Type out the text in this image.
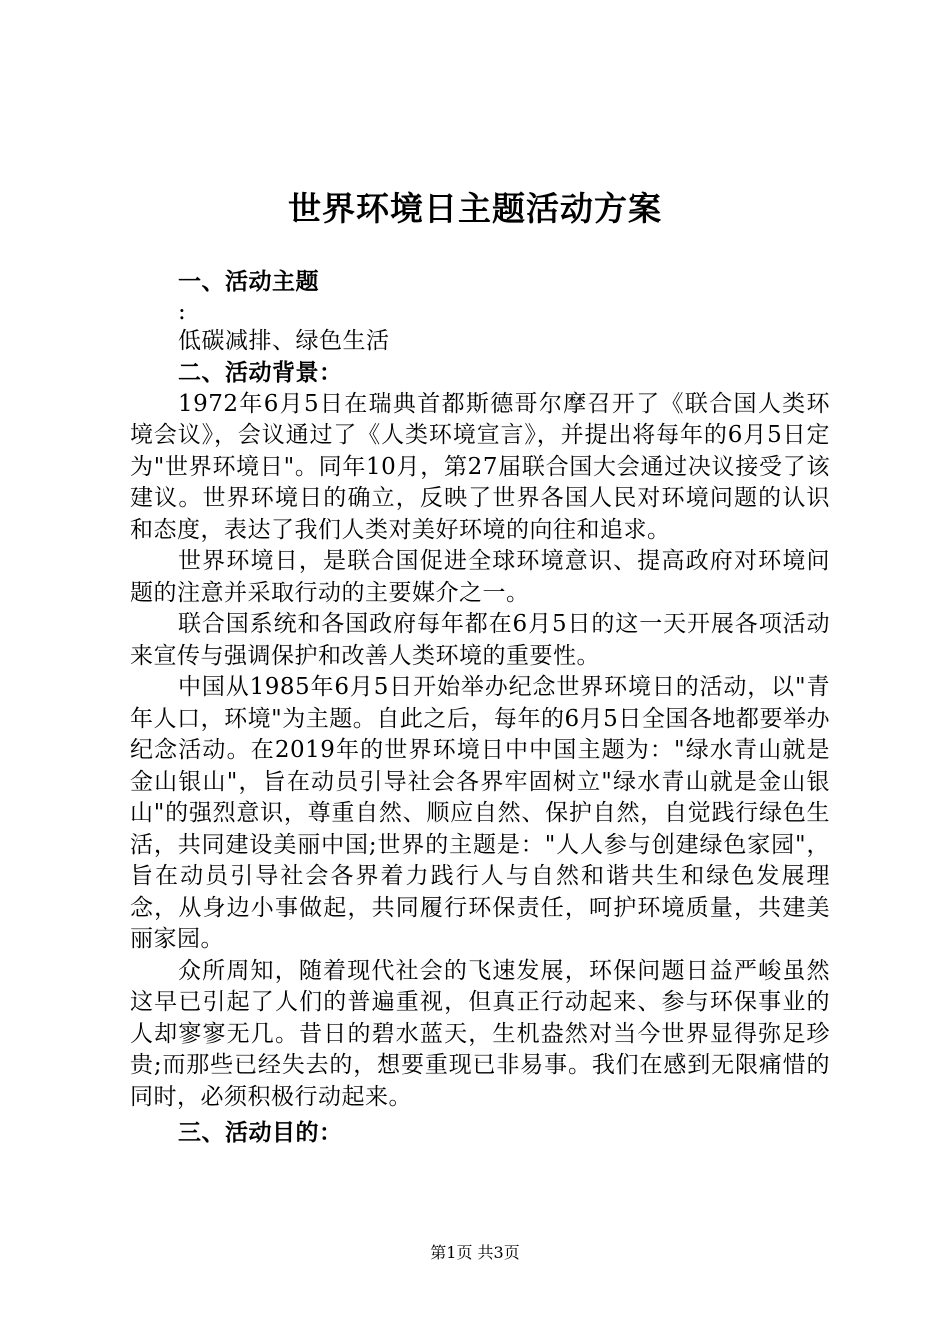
世界环境日主题活动方案
一、活动主题
:
低碳减排、绿色生活
二、活动背景：

1972年6月5日在瑞典首都斯德哥尔摩召开了《联合国人类环境会议》，会议通过了《人类环境宣言》，并提出将每年的6月5日定为"世界环境日"。同年10月，第27届联合国大会通过决议接受了该建议。世界环境日的确立，反映了世界各国人民对环境问题的认识和态度，表达了我们人类对美好环境的向往和追求。

世界环境日，是联合国促进全球环境意识、提高政府对环境问题的注意并采取行动的主要媒介之一。

联合国系统和各国政府每年都在6月5日的这一天开展各项活动来宣传与强调保护和改善人类环境的重要性。

中国从1985年6月5日开始举办纪念世界环境日的活动，以"青年人口，环境"为主题。自此之后，每年的6月5日全国各地都要举办纪念活动。在2019年的世界环境日中中国主题为："绿水青山就是金山银山"，旨在动员引导社会各界牢固树立"绿水青山就是金山银山"的强烈意识，尊重自然、顺应自然、保护自然，自觉践行绿色生活，共同建设美丽中国;世界的主题是："人人参与创建绿色家园"，旨在动员引导社会各界着力践行人与自然和谐共生和绿色发展理念，从身边小事做起，共同履行环保责任，呵护环境质量，共建美丽家园。

众所周知，随着现代社会的飞速发展，环保问题日益严峻虽然这早已引起了人们的普遍重视，但真正行动起来、参与环保事业的人却寥寥无几。昔日的碧水蓝天，生机盎然对当今世界显得弥足珍贵;而那些已经失去的，想要重现已非易事。我们在感到无限痛惜的同时，必须积极行动起来。

三、活动目的：
第1页 共3页
